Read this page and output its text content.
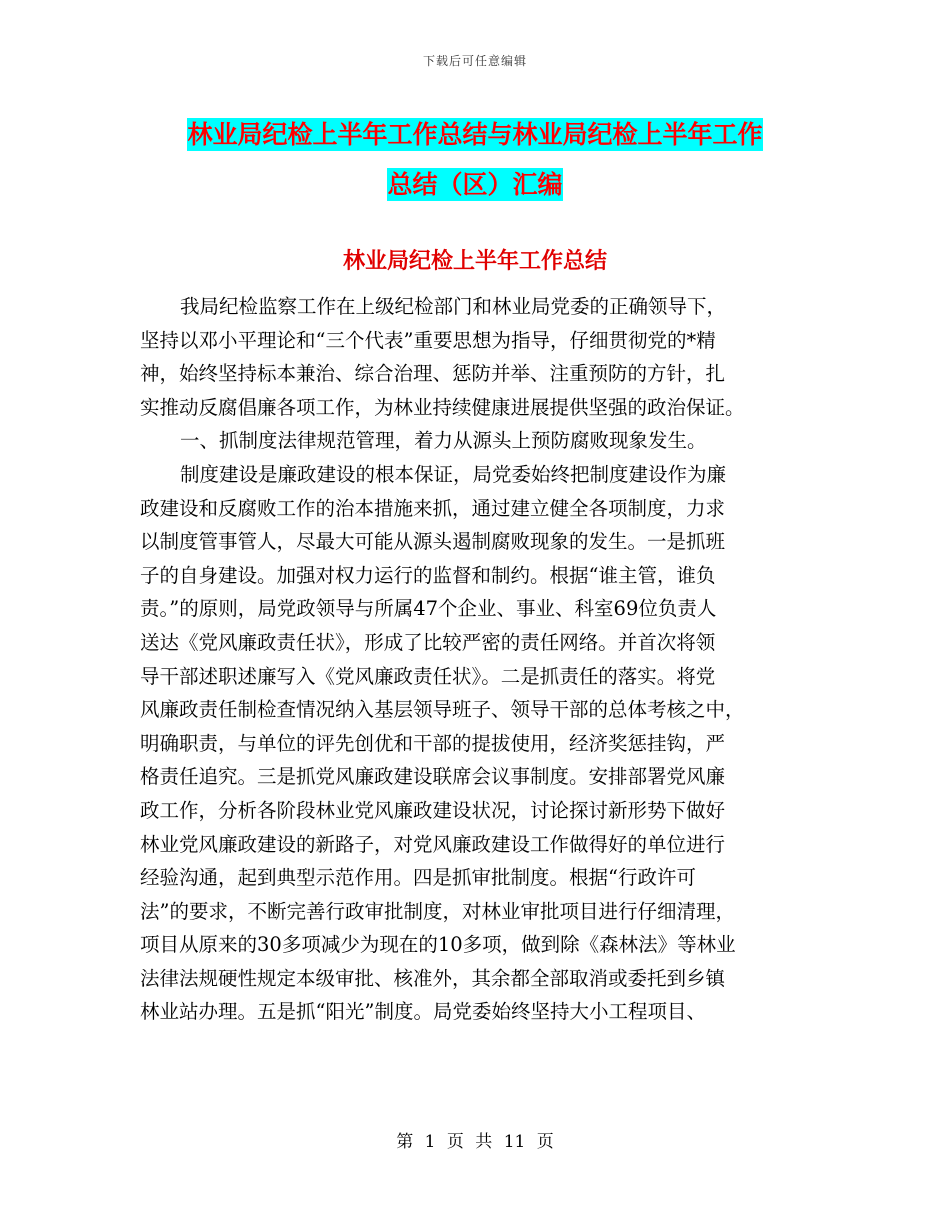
下载后可任意编辑
林业局纪检上半年工作总结与林业局纪检上半年工作
总结（区）汇编
林业局纪检上半年工作总结
我局纪检监察工作在上级纪检部门和林业局党委的正确领导下，
坚持以邓小平理论和“三个代表”重要思想为指导，仔细贯彻党的*精
神，始终坚持标本兼治、综合治理、惩防并举、注重预防的方针，扎
实推动反腐倡廉各项工作，为林业持续健康进展提供坚强的政治保证。
一、抓制度法律规范管理，着力从源头上预防腐败现象发生。
制度建设是廉政建设的根本保证，局党委始终把制度建设作为廉
政建设和反腐败工作的治本措施来抓，通过建立健全各项制度，力求
以制度管事管人，尽最大可能从源头遏制腐败现象的发生。一是抓班
子的自身建设。加强对权力运行的监督和制约。根据“谁主管，谁负
责。”的原则，局党政领导与所属47个企业、事业、科室69位负责人
送达《党风廉政责任状》，形成了比较严密的责任网络。并首次将领
导干部述职述廉写入《党风廉政责任状》。二是抓责任的落实。将党
风廉政责任制检查情况纳入基层领导班子、领导干部的总体考核之中，
明确职责，与单位的评先创优和干部的提拔使用，经济奖惩挂钩，严
格责任追究。三是抓党风廉政建设联席会议事制度。安排部署党风廉
政工作，分析各阶段林业党风廉政建设状况，讨论探讨新形势下做好
林业党风廉政建设的新路子，对党风廉政建设工作做得好的单位进行
经验沟通，起到典型示范作用。四是抓审批制度。根据“行政许可
法”的要求，不断完善行政审批制度，对林业审批项目进行仔细清理，
项目从原来的30多项减少为现在的10多项，做到除《森林法》等林业
法律法规硬性规定本级审批、核准外，其余都全部取消或委托到乡镇
林业站办理。五是抓“阳光”制度。局党委始终坚持大小工程项目、
第 1 页 共 11 页
